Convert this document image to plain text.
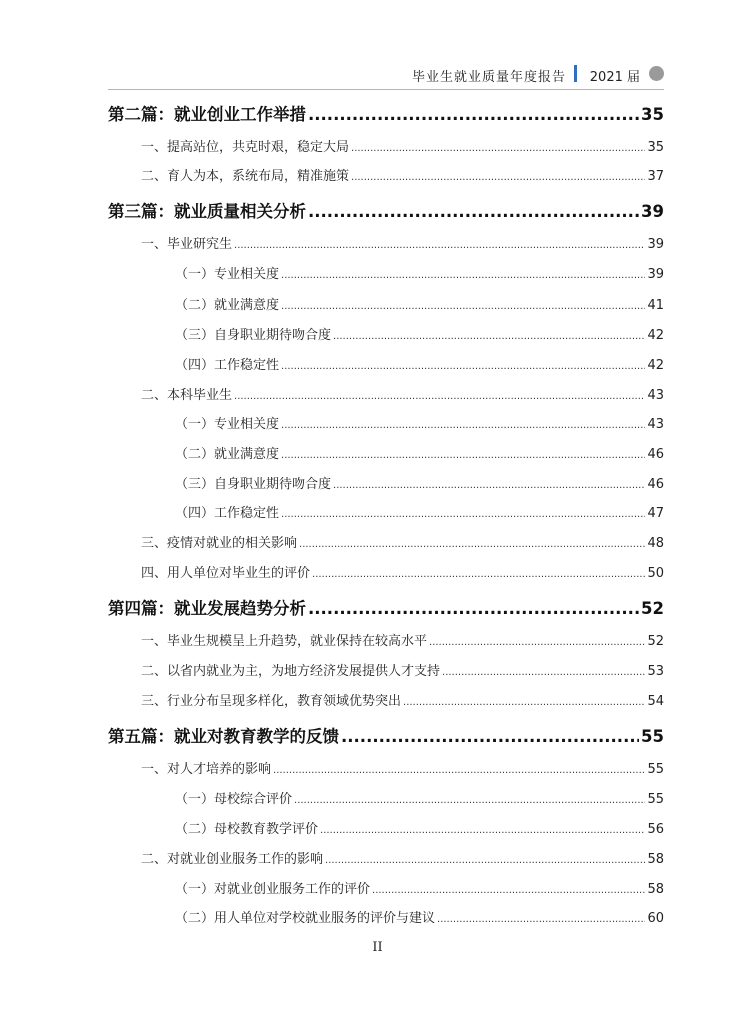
毕业生就业质量年度报告 2021 届
第二篇：就业创业工作举措 .....	35
一、提高站位，共克时艰，稳定大局 .....	35
二、育人为本，系统布局，精准施策 .....	37
第三篇：就业质量相关分析 .....	39
一、毕业研究生 .....	39
（一）专业相关度 .....	39
（二）就业满意度 .....	41
（三）自身职业期待吻合度 .....	42
（四）工作稳定性 .....	42
二、本科毕业生 .....	43
（一）专业相关度 .....	43
（二）就业满意度 .....	46
（三）自身职业期待吻合度 .....	46
（四）工作稳定性 .....	47
三、疫情对就业的相关影响 .....	48
四、用人单位对毕业生的评价 .....	50
第四篇：就业发展趋势分析 .....	52
一、毕业生规模呈上升趋势，就业保持在较高水平 .....	52
二、以省内就业为主，为地方经济发展提供人才支持 .....	53
三、行业分布呈现多样化，教育领域优势突出 .....	54
第五篇：就业对教育教学的反馈 .....	55
一、对人才培养的影响 .....	55
（一）母校综合评价 .....	55
（二）母校教育教学评价 .....	56
二、对就业创业服务工作的影响 .....	58
（一）对就业创业服务工作的评价 .....	58
（二）用人单位对学校就业服务的评价与建议 .....	60
II
